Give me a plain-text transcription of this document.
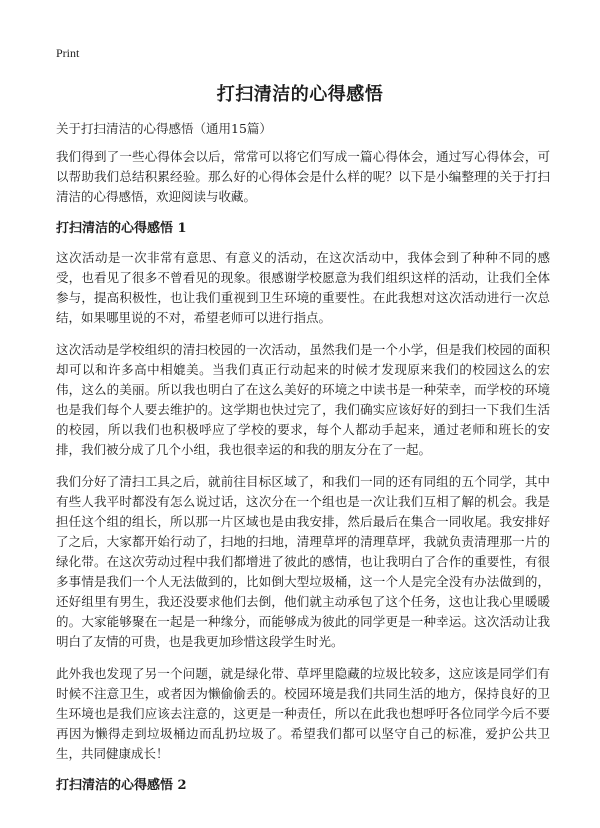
Print
打扫清洁的心得感悟
关于打扫清洁的心得感悟（通用15篇）

我们得到了一些心得体会以后，常常可以将它们写成一篇心得体会，通过写心得体会，可以帮助我们总结积累经验。那么好的心得体会是什么样的呢？以下是小编整理的关于打扫清洁的心得感悟，欢迎阅读与收藏。

打扫清洁的心得感悟 1

这次活动是一次非常有意思、有意义的活动，在这次活动中，我体会到了种种不同的感受，也看见了很多不曾看见的现象。很感谢学校愿意为我们组织这样的活动，让我们全体参与，提高积极性，也让我们重视到卫生环境的重要性。在此我想对这次活动进行一次总结，如果哪里说的不对，希望老师可以进行指点。

这次活动是学校组织的清扫校园的一次活动，虽然我们是一个小学，但是我们校园的面积却可以和许多高中相媲美。当我们真正行动起来的时候才发现原来我们的校园这么的宏伟，这么的美丽。所以我也明白了在这么美好的环境之中读书是一种荣幸，而学校的环境也是我们每个人要去维护的。这学期也快过完了，我们确实应该好好的到扫一下我们生活的校园，所以我们也积极呼应了学校的要求，每个人都动手起来，通过老师和班长的安排，我们被分成了几个小组，我也很幸运的和我的朋友分在了一起。

我们分好了清扫工具之后，就前往目标区域了，和我们一同的还有同组的五个同学，其中有些人我平时都没有怎么说过话，这次分在一个组也是一次让我们互相了解的机会。我是担任这个组的组长，所以那一片区域也是由我安排，然后最后在集合一同收尾。我安排好了之后，大家都开始行动了，扫地的扫地，清理草坪的清理草坪，我就负责清理那一片的绿化带。在这次劳动过程中我们都增进了彼此的感情，也让我明白了合作的重要性，有很多事情是我们一个人无法做到的，比如倒大型垃圾桶，这一个人是完全没有办法做到的，还好组里有男生，我还没要求他们去倒，他们就主动承包了这个任务，这也让我心里暖暖的。大家能够聚在一起是一种缘分，而能够成为彼此的同学更是一种幸运。这次活动让我明白了友情的可贵，也是我更加珍惜这段学生时光。

此外我也发现了另一个问题，就是绿化带、草坪里隐藏的垃圾比较多，这应该是同学们有时候不注意卫生，或者因为懒偷偷丢的。校园环境是我们共同生活的地方，保持良好的卫生环境也是我们应该去注意的，这更是一种责任，所以在此我也想呼吁各位同学今后不要再因为懒得走到垃圾桶边而乱扔垃圾了。希望我们都可以坚守自己的标准，爱护公共卫生，共同健康成长！

打扫清洁的心得感悟 2
